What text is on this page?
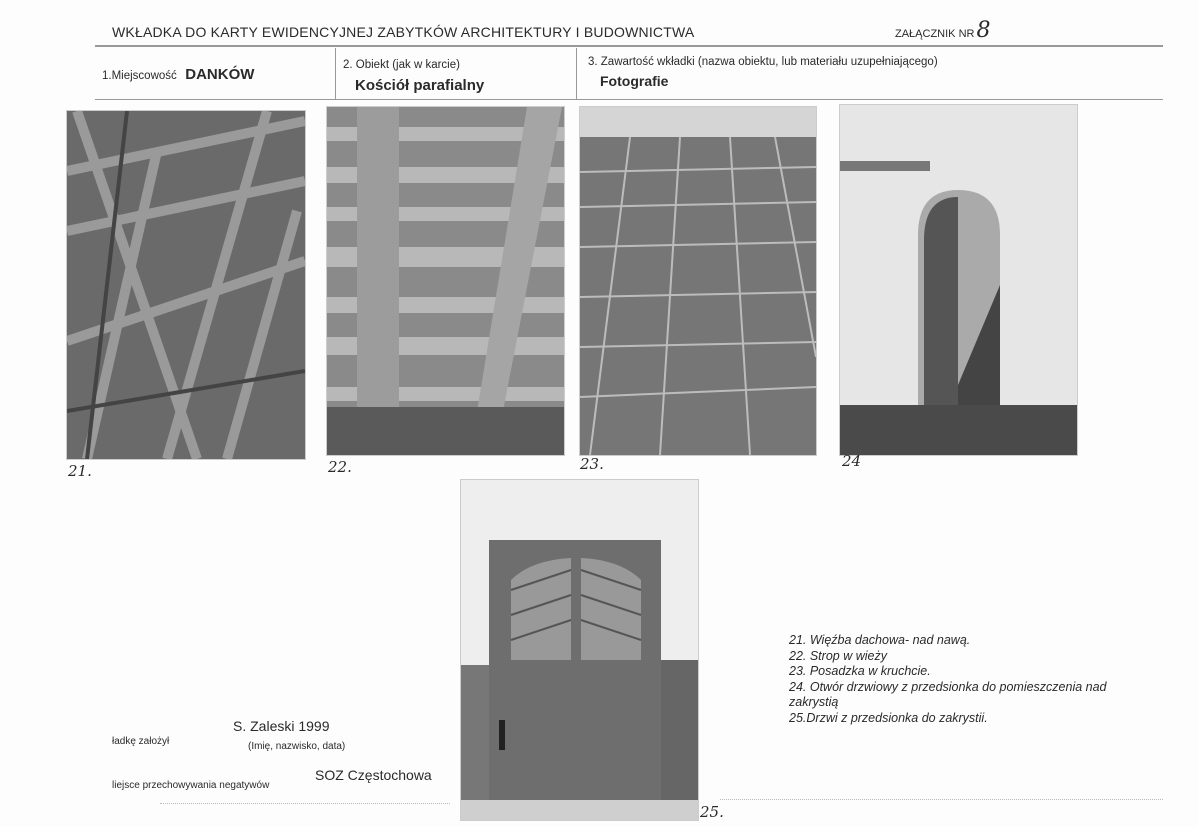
WKŁADKA DO KARTY EWIDENCYJNEJ ZABYTKÓW ARCHITEKTURY I BUDOWNICTWA	ZAŁĄCZNIK NR8
1.Miejscowość DANKÓW
2. Obiekt (jak w karcie)
Kościół parafialny
3. Zawartość wkładki (nazwa obiektu, lub materiału uzupełniającego)
Fotografie
21.	22.	23.	24
25.
21. Więźba dachowa- nad nawą.
22. Strop w wieży
23. Posadzka w kruchcie.
24. Otwór drzwiowy z przedsionka do pomieszczenia nad zakrystią
25.Drzwi z przedsionka do zakrystii.
ładkę założył
S. Zaleski 1999
(Imię, nazwisko, data)
liejsce przechowywania negatywów
SOZ Częstochowa
